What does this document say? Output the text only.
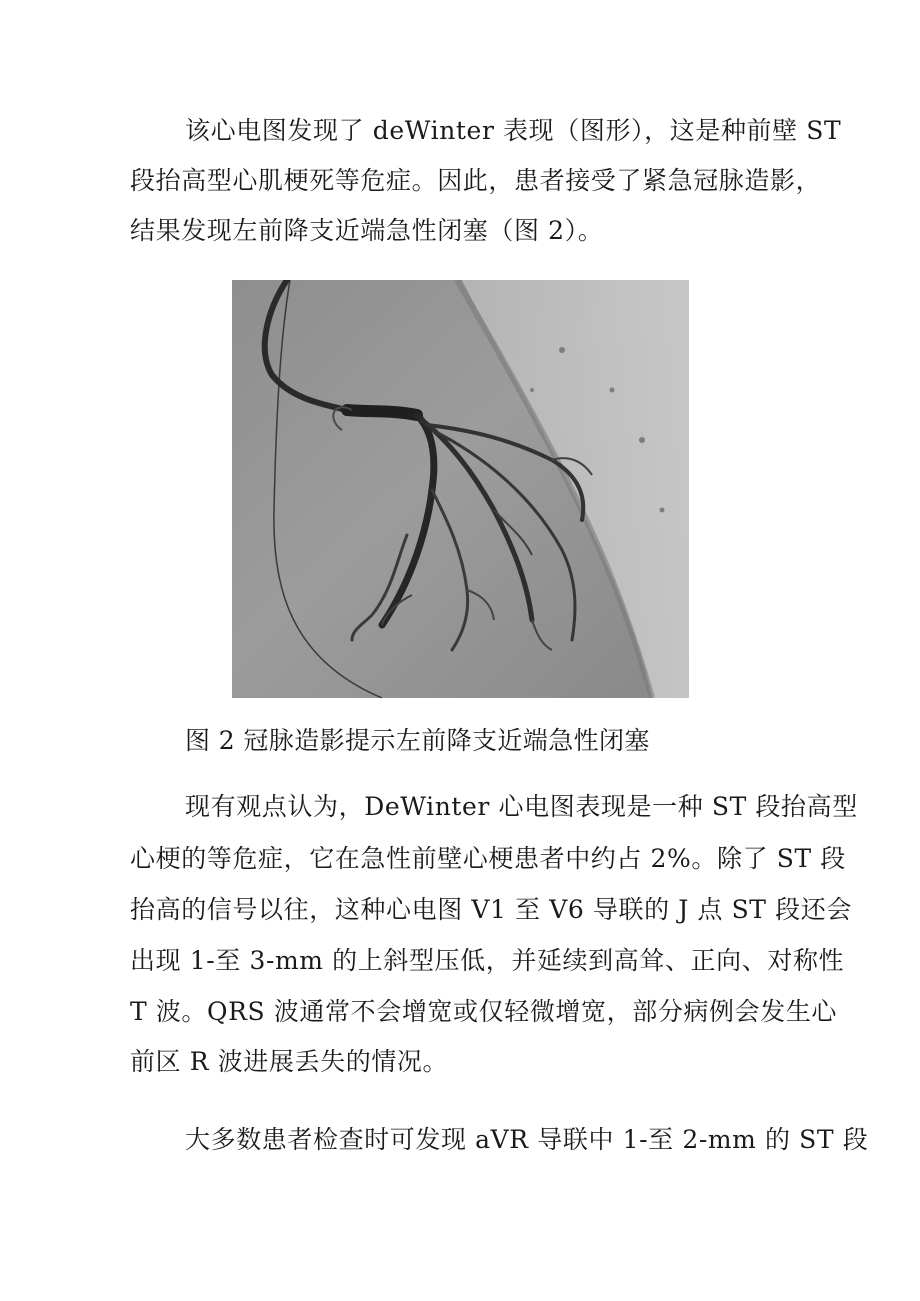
该心电图发现了 deWinter 表现（图形），这是种前壁 ST
段抬高型心肌梗死等危症。因此，患者接受了紧急冠脉造影，
结果发现左前降支近端急性闭塞（图 2）。
图 2 冠脉造影提示左前降支近端急性闭塞
现有观点认为，DeWinter 心电图表现是一种 ST 段抬高型
心梗的等危症，它在急性前壁心梗患者中约占 2%。除了 ST 段
抬高的信号以往，这种心电图 V1 至 V6 导联的 J 点 ST 段还会
出现 1-至 3-mm 的上斜型压低，并延续到高耸、正向、对称性
T 波。QRS 波通常不会增宽或仅轻微增宽，部分病例会发生心
前区 R 波进展丢失的情况。
大多数患者检查时可发现 aVR 导联中 1-至 2-mm 的 ST 段
